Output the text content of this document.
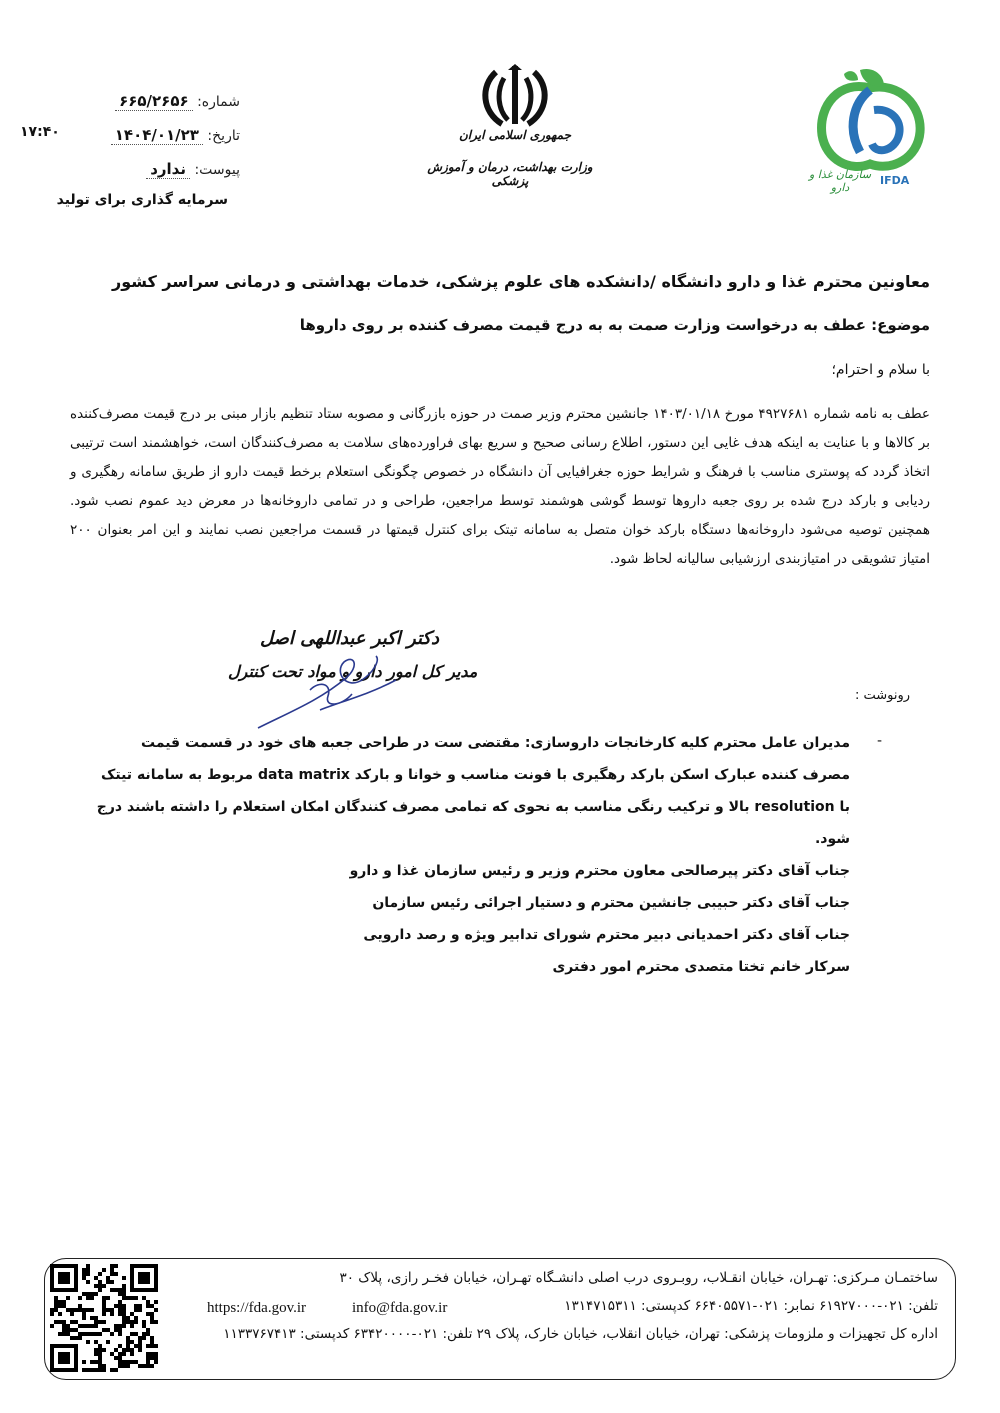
سازمان غذا و دارو
IFDA
جمهوری اسلامی ایران
وزارت بهداشت، درمان و آموزش پزشکی
شماره: ۶۶۵/۲۶۵۶
تاریخ: ۱۴۰۴/۰۱/۲۳
۱۷:۴۰
پیوست: ندارد
سرمایه گذاری برای تولید
معاونین محترم غذا و دارو دانشگاه /دانشکده های علوم پزشکی، خدمات بهداشتی و درمانی سراسر کشور
موضوع: عطف به درخواست وزارت صمت به به درج قیمت مصرف کننده بر روی داروها
با سلام و احترام؛
عطف به نامه شماره ۴۹۲۷۶۸۱ مورخ ۱۴۰۳/۰۱/۱۸ جانشین محترم وزیر صمت در حوزه بازرگانی و مصوبه ستاد تنظیم بازار مبنی بر درج قیمت مصرف‌کننده بر کالاها و با عنایت به اینکه هدف غایی این دستور، اطلاع رسانی صحیح و سریع بهای فراورده‌های سلامت به مصرف‌کنندگان است، خواهشمند است ترتیبی اتخاذ گردد که پوستری مناسب با فرهنگ و شرایط حوزه جغرافیایی آن دانشگاه در خصوص چگونگی استعلام برخط قیمت دارو از طریق سامانه رهگیری و ردیابی و بارکد درج شده بر روی جعبه داروها توسط گوشی هوشمند توسط مراجعین، طراحی و در تمامی داروخانه‌ها در معرض دید عموم نصب شود. همچنین توصیه می‌شود داروخانه‌ها دستگاه بارکد خوان متصل به سامانه تیتک برای کنترل قیمتها در قسمت مراجعین نصب نمایند و این امر بعنوان ۲۰۰ امتیاز تشویقی در امتیازبندی ارزشیابی سالیانه لحاظ شود.
دکتر اکبر عبداللهی اصل
مدیر کل امور دارو و مواد تحت کنترل
رونوشت :
-
مدیران عامل محترم کلیه کارخانجات داروسازی: مقتضی ست در طراحی جعبه های خود در قسمت قیمت مصرف کننده عبارک اسکن بارکد رهگیری با فونت مناسب و خوانا و بارکد data matrix مربوط به سامانه تیتک با resolution بالا و ترکیب رنگی مناسب به نحوی که تمامی مصرف کنندگان امکان استعلام را داشته باشند درج شود.
جناب آقای دکتر پیرصالحی معاون محترم وزیر و رئیس سازمان غذا و دارو
جناب آقای دکتر حبیبی جانشین محترم و دستیار اجرائی رئیس سازمان
جناب آقای دکتر احمدیانی دبیر محترم شورای تدابیر ویژه و رصد دارویی
سرکار خانم تختا متصدی محترم امور دفتری
ساختمـان مـرکزی: تهـران، خیابان انقـلاب، روبـروی درب اصلی دانشـگاه تهـران، خیابان فخـر رازی، پلاک ۳۰
تلفن: ۰۲۱-۶۱۹۲۷۰۰۰ نمابر: ۰۲۱-۶۶۴۰۵۵۷۱ کدپستی: ۱۳۱۴۷۱۵۳۱۱
https://fda.gov.ir	info@fda.gov.ir
اداره کل تجهیزات و ملزومات پزشکی: تهران، خیابان انقلاب، خیابان خارک، پلاک ۲۹ تلفن: ۰۲۱-۶۳۴۲۰۰۰۰ کدپستی: ۱۱۳۳۷۶۷۴۱۳
